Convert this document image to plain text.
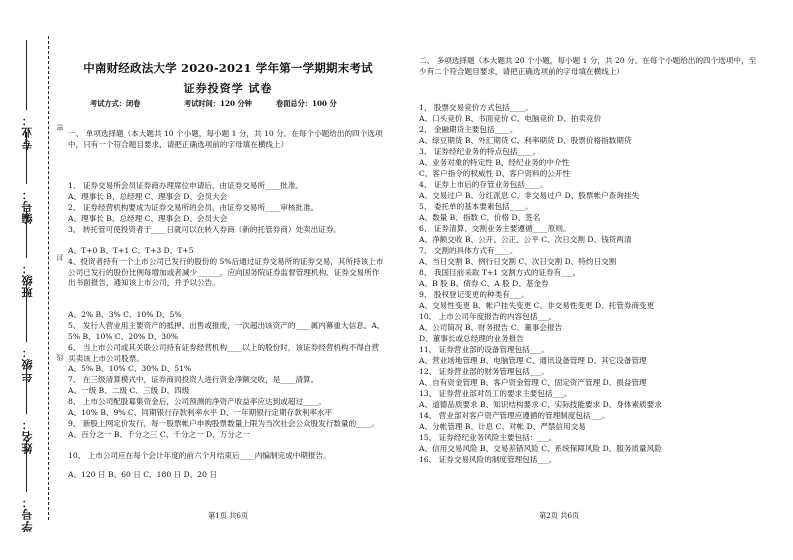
专业：
编号：
班级：
年级：
姓名：
学号：
密
封
线
中南财经政法大学 2020-2021 学年第一学期期末考试
证券投资学 试卷
考试方式：闭卷	考试时间：120 分钟	卷面总分：100 分
一、 单项选择题（本大题共 10 个小题，每小题 1 分，共 10 分。在每个小题给出的四个选项中，只有一个符合题目要求，请把正确选项前的字母填在横线上）
1、 证券交易所会员证券商办理席位申请后，由证券交易所____批准。
A、理事长 B、总经理 C、理事会 D、会员大会
2、 证券经营机构要成为证券交易所的会员，由证券交易所____审核批准。
A、理事长 B、总经理 C、理事会 D、会员大会
3、 转托管可使投资者于____日就可以在转入券商（新的托管券商）处卖出证券。
A、T+0 B、T+1 C、T+3 D、T+5
4、投资者持有一个上市公司已发行的股份的 5%后通过证券交易所的证券交易，其所持该上市公司已发行的股份比例每增加或者减少______，应向国务院证券监督管理机构、证券交易所作出书面报告，通知该上市公司，并予以公告。
A、2% B、3% C、10% D、5%
5、 发行人营业用主要资产的抵押、出售或报废，一次超出该资产的____属内幕重大信息。A、5% B、10% C、20% D、30%
6、 当上市公司或其关联公司持有证券经营机构____以上的股份时，该证券经营机构不得自营买卖该上市公司股票。
A、5% B、10% C、30% D、51%
7、 在三级清算模式中，证券商同投资人进行资金净额交收，是____清算。
A、一级 B、二级 C、三级 D、四级
8、 上市公司配股募集资金后，公司预测的净资产收益率应达到或超过____。
A、10% B、9% C、同期银行存款利率水平 D、一年期银行定期存款利率水平
9、 新股上网定价发行，每一股票帐户申购股票数量上限为当次社会公众股发行数量的____。A、百分之一 B、千分之三 C、千分之一 D、万分之一
10、 上市公司应在每个会计年度的前六个月结束后____内编制完成中期报告。
A、120 日 B、60 日 C、180 日 D、20 日
第1页 共6页
二、 多项选择题（本大题共 20 个小题，每小题 1 分，共 20 分。在每个小题给出的四个选项中，至少有二个符合题目要求，请把正确选项前的字母填在横线上）
1、 股票交易竞价方式包括____。
A、口头竞价 B、书面竞价 C、电脑竞价 D、拍卖竞价
2、 金融期货主要包括____。
A、绿豆期货 B、外汇期货 C、利率期货 D、股票价格指数期货
3、 证券经纪业务的特点包括____。
A、业务对象的特定性 B、经纪业务的中介性
C、客户指令的权威性 D、客户资料的公开性
4、 证券上市后的存管业务包括____。
A、交易过户 B、分红派息 C、非交易过户 D、股票帐户查询挂失
5、 委托单的基本要素包括____。
A、数量 B、指数 C、价格 D、签名
6、 证券清算、交割业务主要遵循____原则。
A、净额交收 B、公开、公正、公平 C、次日交割 D、钱货两清
7、 交割的具体方式有____。
A、当日交割 B、例行日交割 C、次日交割 D、特约日交割
8、 我国目前采取 T+1 交割方式的证券有___。
A、B 股 B、债券 C、A 股 D、基金券
9、 股权登记变更的种类有___。
A、交易性变更 B、帐户挂失变更 C、非交易性变更 D、托管券商变更
10、 上市公司年度报告的内容包括___。
A、公司简况 B、财务报告 C、董事会报告
D、董事长或总经理的业务报告
11、 证券营业部的设备管理包括___。
A、营业场地管理 B、电脑管理 C、通讯设备管理 D、其它设备管理
12、 证券营业部的财务管理包括___。
A、自有资金管理 B、客户资金管理 C、固定资产管理 D、损益管理
13、 证券营业部对员工的要求主要包括___。
A、道德品质要求 B、知识结构要求 C、实际技能要求 D、身体素质要求
14、 营业部对客户资产管理应遵循的管理制度包括___。
A、分帐管理 B、计息 C、对帐 D、严禁信用交易
15、 证券经纪业务风险主要包括：___。
A、信用交易风险 B、交易差错风险 C、系统保障风险 D、服务质量风险
16、 证券交易风险的制度管理包括___。
第2页 共6页
